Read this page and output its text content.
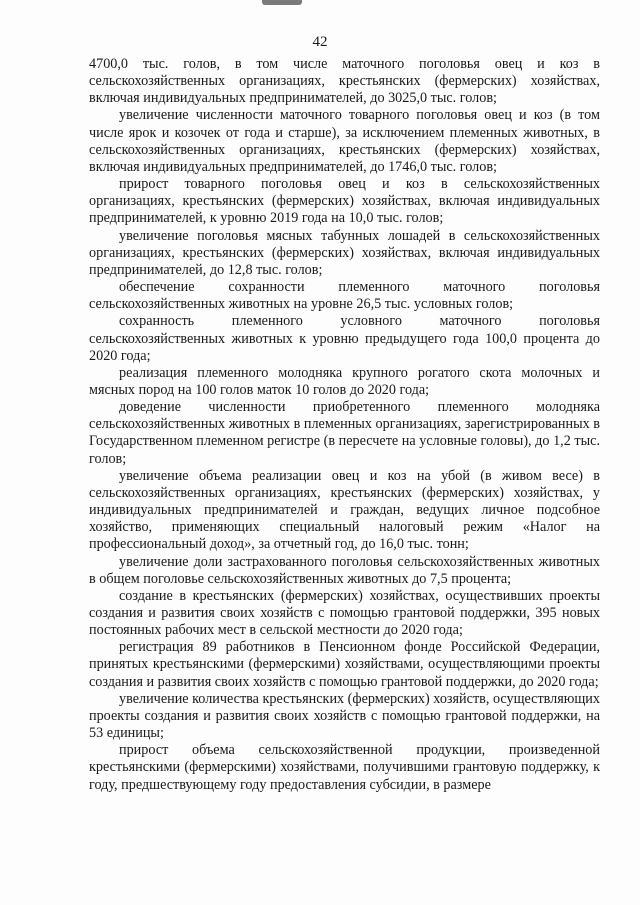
42

4700,0 тыс. голов, в том числе маточного поголовья овец и коз в сельскохозяйственных организациях, крестьянских (фермерских) хозяйствах, включая индивидуальных предпринимателей, до 3025,0 тыс. голов;

увеличение численности маточного товарного поголовья овец и коз (в том числе ярок и козочек от года и старше), за исключением племенных животных, в сельскохозяйственных организациях, крестьянских (фермерских) хозяйствах, включая индивидуальных предпринимателей, до 1746,0 тыс. голов;

прирост товарного поголовья овец и коз в сельскохозяйственных организациях, крестьянских (фермерских) хозяйствах, включая индивидуальных предпринимателей, к уровню 2019 года на 10,0 тыс. голов;

увеличение поголовья мясных табунных лошадей в сельскохозяйственных организациях, крестьянских (фермерских) хозяйствах, включая индивидуальных предпринимателей, до 12,8 тыс. голов;

обеспечение сохранности племенного маточного поголовья сельскохозяйственных животных на уровне 26,5 тыс. условных голов;

сохранность племенного условного маточного поголовья сельскохозяйственных животных к уровню предыдущего года 100,0 процента до 2020 года;

реализация племенного молодняка крупного рогатого скота молочных и мясных пород на 100 голов маток 10 голов до 2020 года;

доведение численности приобретенного племенного молодняка сельскохозяйственных животных в племенных организациях, зарегистрированных в Государственном племенном регистре (в пересчете на условные головы), до 1,2 тыс. голов;

увеличение объема реализации овец и коз на убой (в живом весе) в сельскохозяйственных организациях, крестьянских (фермерских) хозяйствах, у индивидуальных предпринимателей и граждан, ведущих личное подсобное хозяйство, применяющих специальный налоговый режим «Налог на профессиональный доход», за отчетный год, до 16,0 тыс. тонн;

увеличение доли застрахованного поголовья сельскохозяйственных животных в общем поголовье сельскохозяйственных животных до 7,5 процента;

создание в крестьянских (фермерских) хозяйствах, осуществивших проекты создания и развития своих хозяйств с помощью грантовой поддержки, 395 новых постоянных рабочих мест в сельской местности до 2020 года;

регистрация 89 работников в Пенсионном фонде Российской Федерации, принятых крестьянскими (фермерскими) хозяйствами, осуществляющими проекты создания и развития своих хозяйств с помощью грантовой поддержки, до 2020 года;

увеличение количества крестьянских (фермерских) хозяйств, осуществляющих проекты создания и развития своих хозяйств с помощью грантовой поддержки, на 53 единицы;

прирост объема сельскохозяйственной продукции, произведенной крестьянскими (фермерскими) хозяйствами, получившими грантовую поддержку, к году, предшествующему году предоставления субсидии, в размере
